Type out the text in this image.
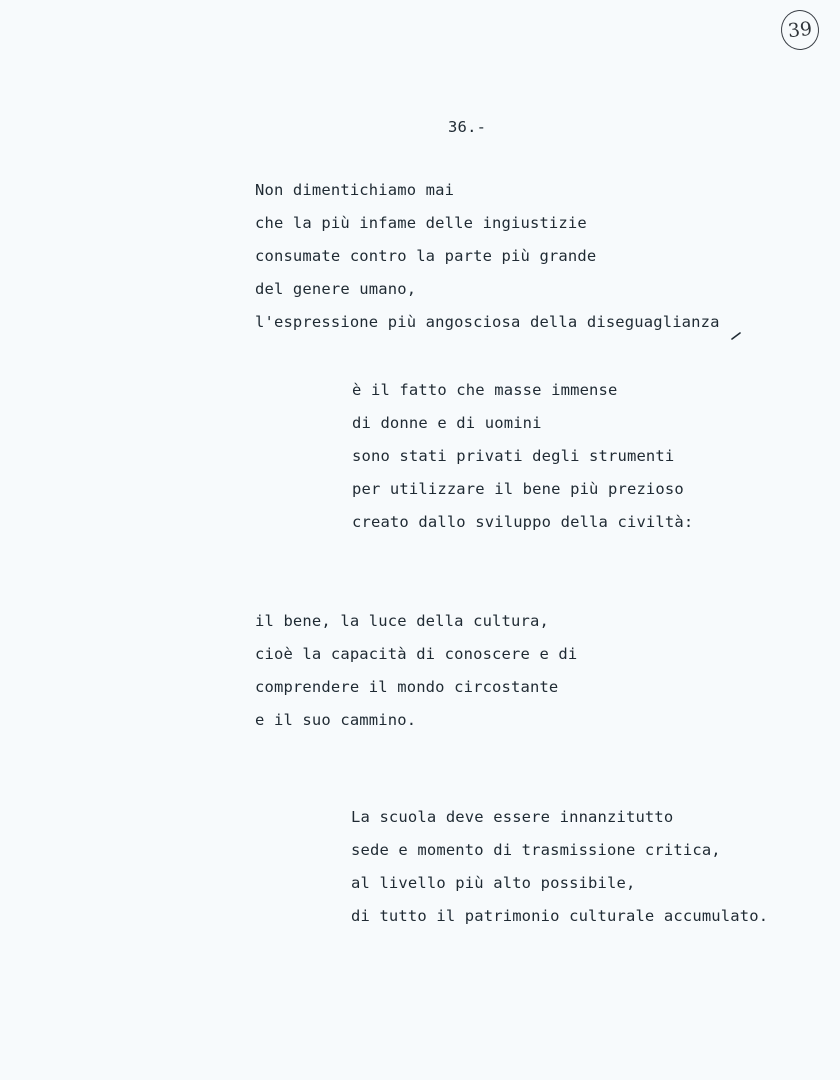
39
36.-
Non dimentichiamo mai
che la più infame delle ingiustizie
consumate contro la parte più grande
del genere umano,
l'espressione più angosciosa della diseguaglianza
è il fatto che masse immense
di donne e di uomini
sono stati privati degli strumenti
per utilizzare il bene più prezioso
creato dallo sviluppo della civiltà:
il bene, la luce della cultura,
cioè la capacità di conoscere e di
comprendere il mondo circostante
e il suo cammino.
La scuola deve essere innanzitutto
sede e momento di trasmissione critica,
al livello più alto possibile,
di tutto il patrimonio culturale accumulato.
